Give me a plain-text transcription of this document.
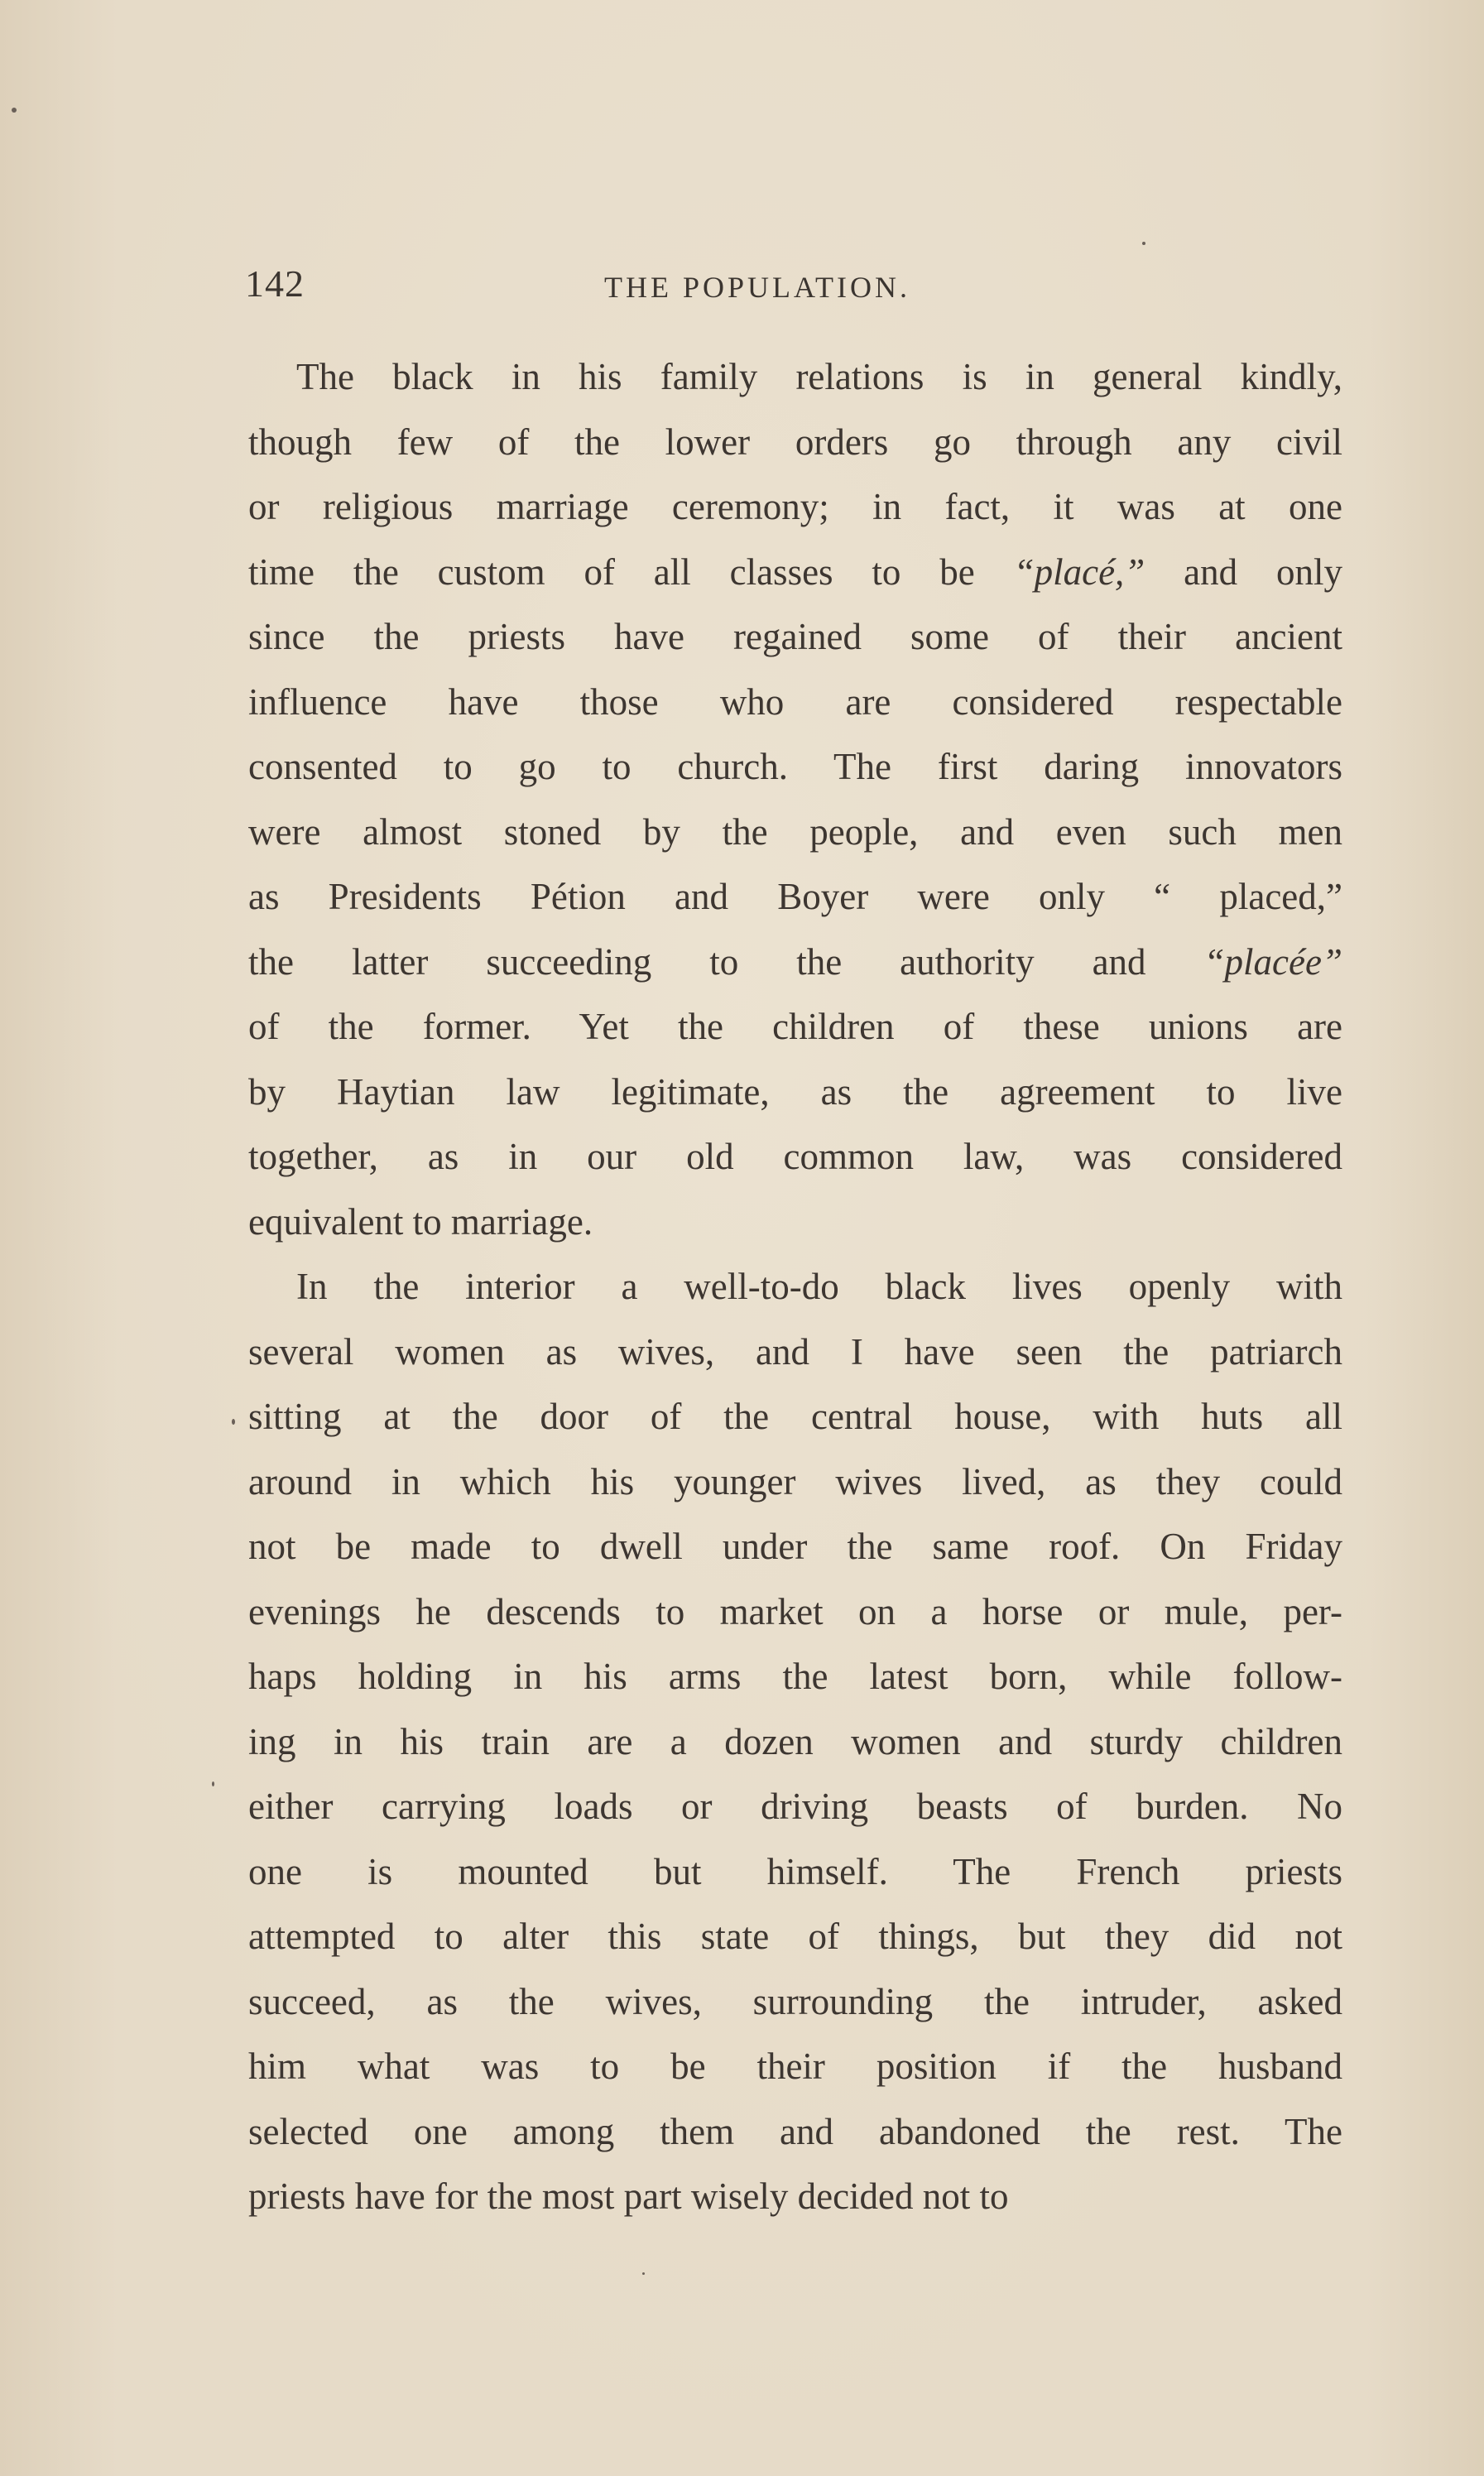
142	THE POPULATION.
The black in his family relations is in general kindly,
though few of the lower orders go through any civil
or religious marriage ceremony; in fact, it was at one
time the custom of all classes to be “placé,” and only
since the priests have regained some of their ancient
influence have those who are considered respectable
consented to go to church. The first daring innovators
were almost stoned by the people, and even such men
as Presidents Pétion and Boyer were only “ placed,”
the latter succeeding to the authority and “placée”
of the former. Yet the children of these unions are
by Haytian law legitimate, as the agreement to live
together, as in our old common law, was considered
equivalent to marriage.
In the interior a well-to-do black lives openly with
several women as wives, and I have seen the patriarch
sitting at the door of the central house, with huts all
around in which his younger wives lived, as they could
not be made to dwell under the same roof. On Friday
evenings he descends to market on a horse or mule, per-
haps holding in his arms the latest born, while follow-
ing in his train are a dozen women and sturdy children
either carrying loads or driving beasts of burden. No
one is mounted but himself. The French priests
attempted to alter this state of things, but they did not
succeed, as the wives, surrounding the intruder, asked
him what was to be their position if the husband
selected one among them and abandoned the rest. The
priests have for the most part wisely decided not to
